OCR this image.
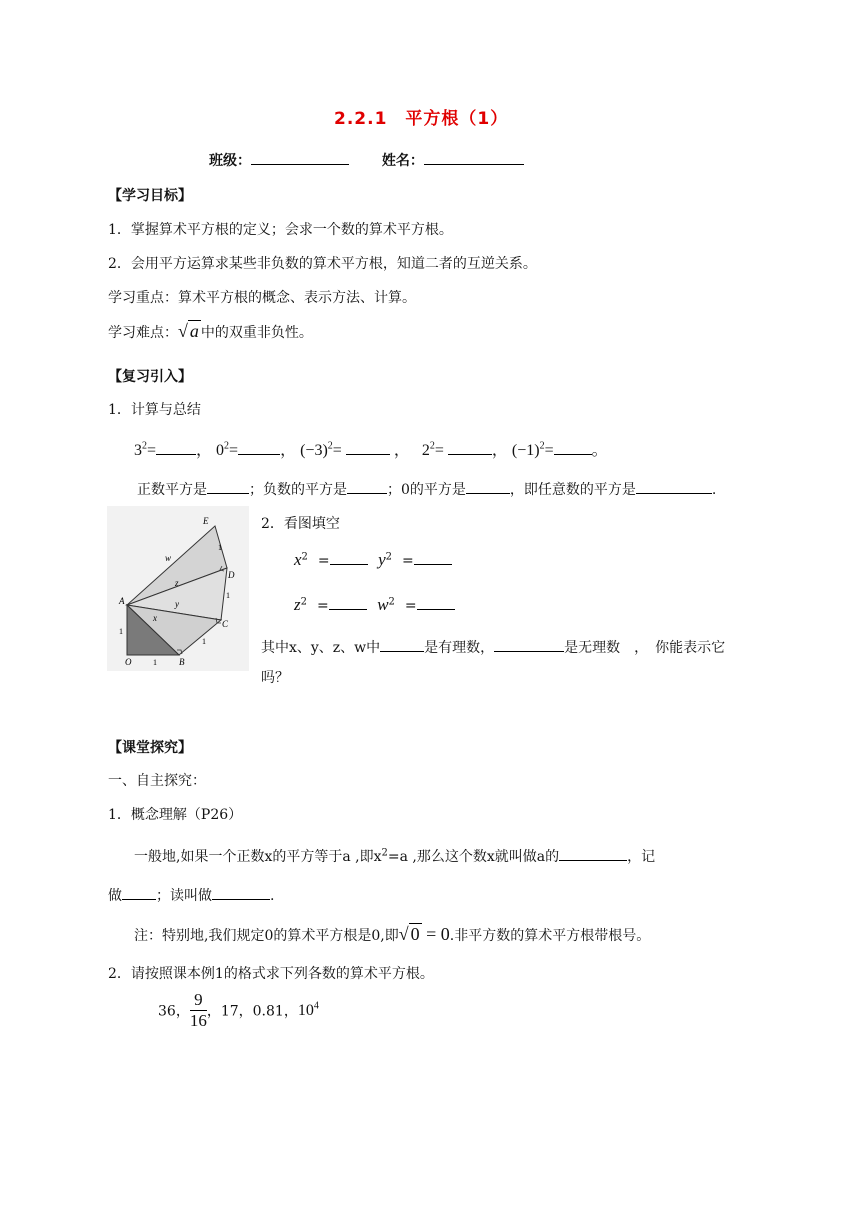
2.2.1　平方根（1）
班级：	姓名：
【学习目标】
1．掌握算术平方根的定义；会求一个数的算术平方根。
2．会用平方运算求某些非负数的算术平方根，知道二者的互逆关系。
学习重点：算术平方根的概念、表示方法、计算。
学习难点：√ a 中的双重非负性。
【复习引入】
1．计算与总结
$3^2=$	， $0^2=$	， $(-3)^2=$	， $2^2=$	， $(-1)^2=$ 。
正数平方是	；负数的平方是	；0的平方是	，即任意数的平方是	.
E
D
C
A
O	B
w
z
y
x
1
1
1
1
1
2．看图填空
$x^2$ =	$y^2$ =
$z^2$ =	$w^2$ =
其中x、y、z、w中	是有理数，	是无理数　，　你能表示它
吗？
【课堂探究】
一、自主探究：
1．概念理解（P26）
一般地,如果一个正数x的平方等于a ,即$x^2=a$ ,那么这个数x就叫做a的	，记
做 ；读叫做	.
注：特别地,我们规定0的算术平方根是0,即√ 0 = 0.非平方数的算术平方根带根号。
2．请按照课本例1的格式求下列各数的算术平方根。
36， $\frac{9}{16}$ ，17，0.81，$10^4$
